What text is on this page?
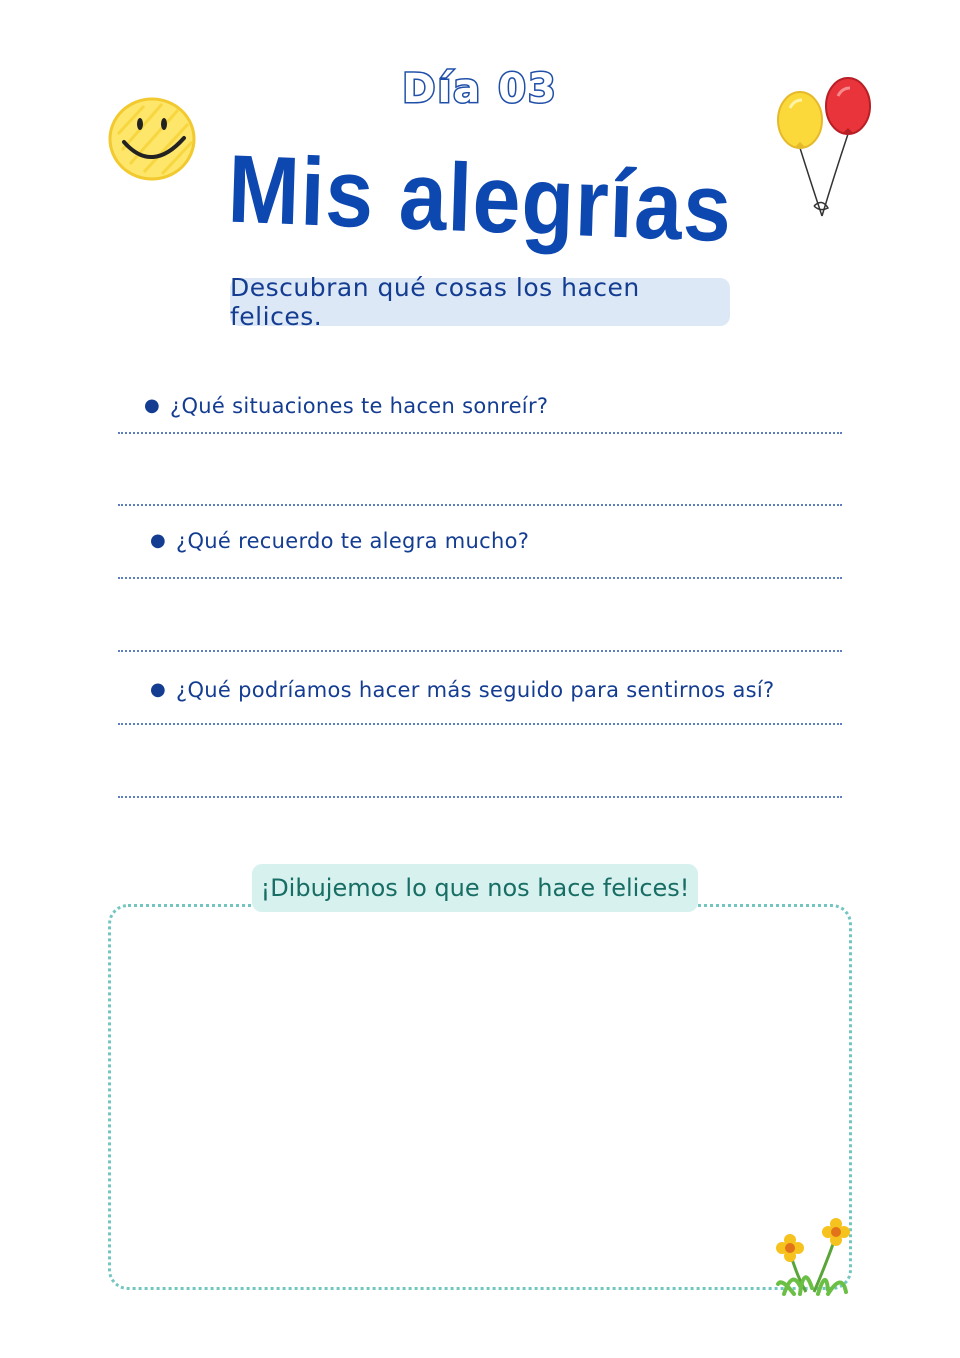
Día 03
Mis alegrías
Descubran qué cosas los hacen felices.
● ¿Qué situaciones te hacen sonreír?
● ¿Qué recuerdo te alegra mucho?
● ¿Qué podríamos hacer más seguido para sentirnos así?
¡Dibujemos lo que nos hace felices!
